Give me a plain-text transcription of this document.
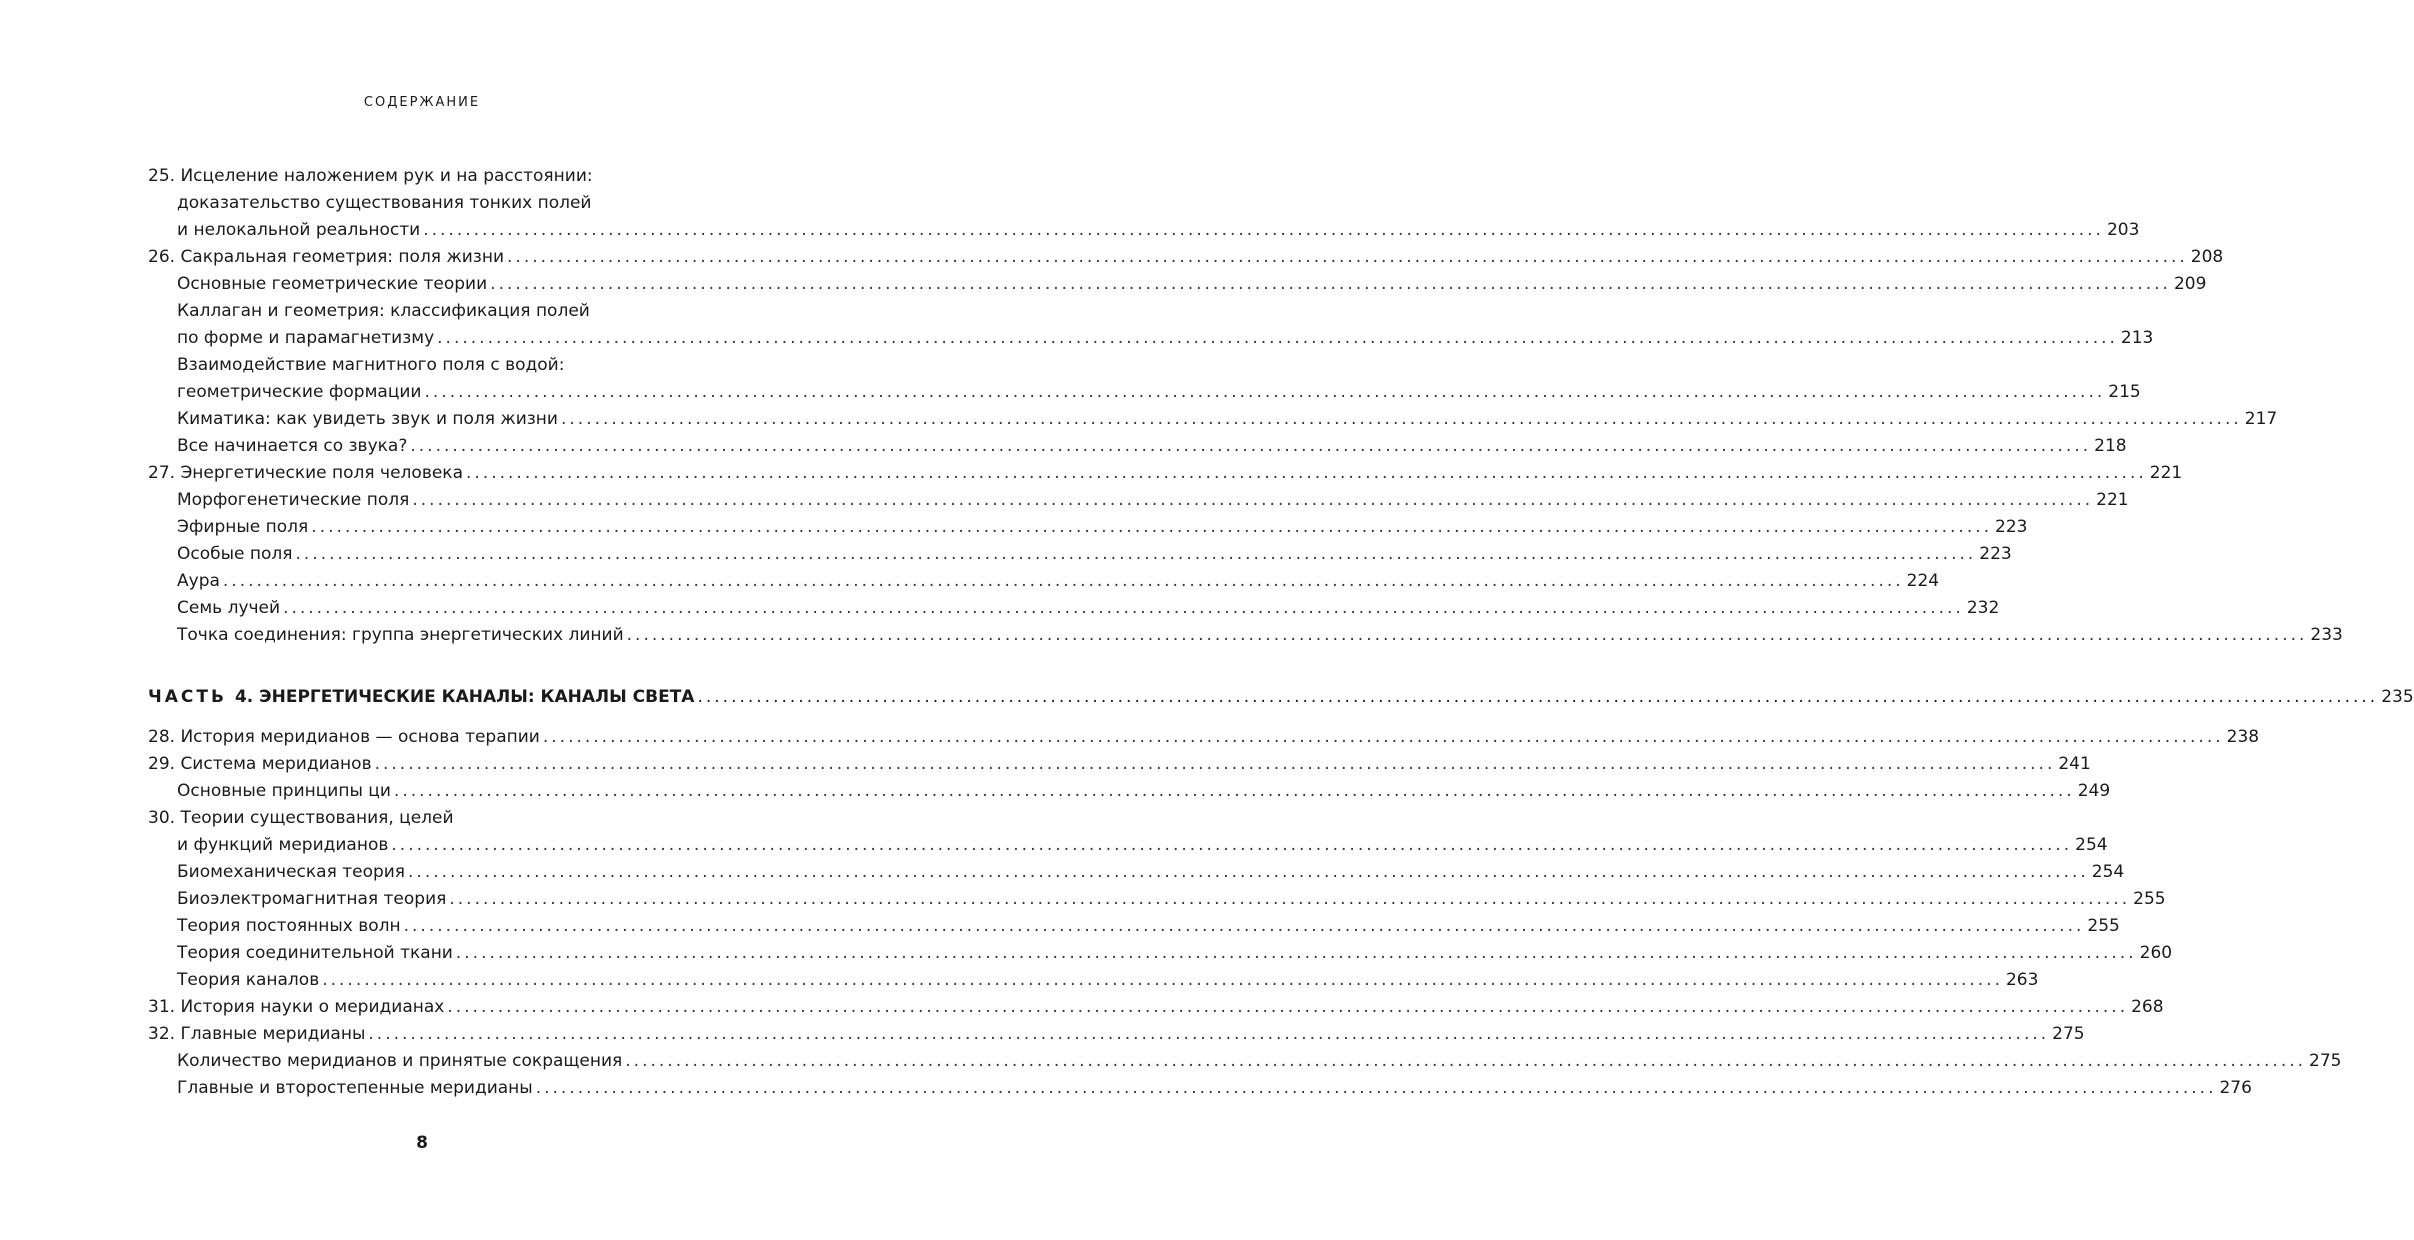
СОДЕРЖАНИЕ
25. Исцеление наложением рук и на расстоянии:
доказательство существования тонких полей
и нелокальной реальности ........................................................................................................................................................................................................ 203
26. Сакральная геометрия: поля жизни ........................................................................................................................................................................................................ 208
Основные геометрические теории ........................................................................................................................................................................................................ 209
Каллаган и геометрия: классификация полей
по форме и парамагнетизму ........................................................................................................................................................................................................ 213
Взаимодействие магнитного поля с водой:
геометрические формации ........................................................................................................................................................................................................ 215
Киматика: как увидеть звук и поля жизни ........................................................................................................................................................................................................ 217
Все начинается со звука? ........................................................................................................................................................................................................ 218
27. Энергетические поля человека ........................................................................................................................................................................................................ 221
Морфогенетические поля ........................................................................................................................................................................................................ 221
Эфирные поля ........................................................................................................................................................................................................ 223
Особые поля ........................................................................................................................................................................................................ 223
Аура ........................................................................................................................................................................................................ 224
Семь лучей ........................................................................................................................................................................................................ 232
Точка соединения: группа энергетических линий ........................................................................................................................................................................................................ 233
ЧАСТЬ 4. ЭНЕРГЕТИЧЕСКИЕ КАНАЛЫ: КАНАЛЫ СВЕТА ........................................................................................................................................................................................................ 235
28. История меридианов — основа терапии ........................................................................................................................................................................................................ 238
29. Система меридианов ........................................................................................................................................................................................................ 241
Основные принципы ци ........................................................................................................................................................................................................ 249
30. Теории существования, целей
и функций меридианов ........................................................................................................................................................................................................ 254
Биомеханическая теория ........................................................................................................................................................................................................ 254
Биоэлектромагнитная теория ........................................................................................................................................................................................................ 255
Теория постоянных волн ........................................................................................................................................................................................................ 255
Теория соединительной ткани ........................................................................................................................................................................................................ 260
Теория каналов ........................................................................................................................................................................................................ 263
31. История науки о меридианах ........................................................................................................................................................................................................ 268
32. Главные меридианы ........................................................................................................................................................................................................ 275
Количество меридианов и принятые сокращения ........................................................................................................................................................................................................ 275
Главные и второстепенные меридианы ........................................................................................................................................................................................................ 276
8
